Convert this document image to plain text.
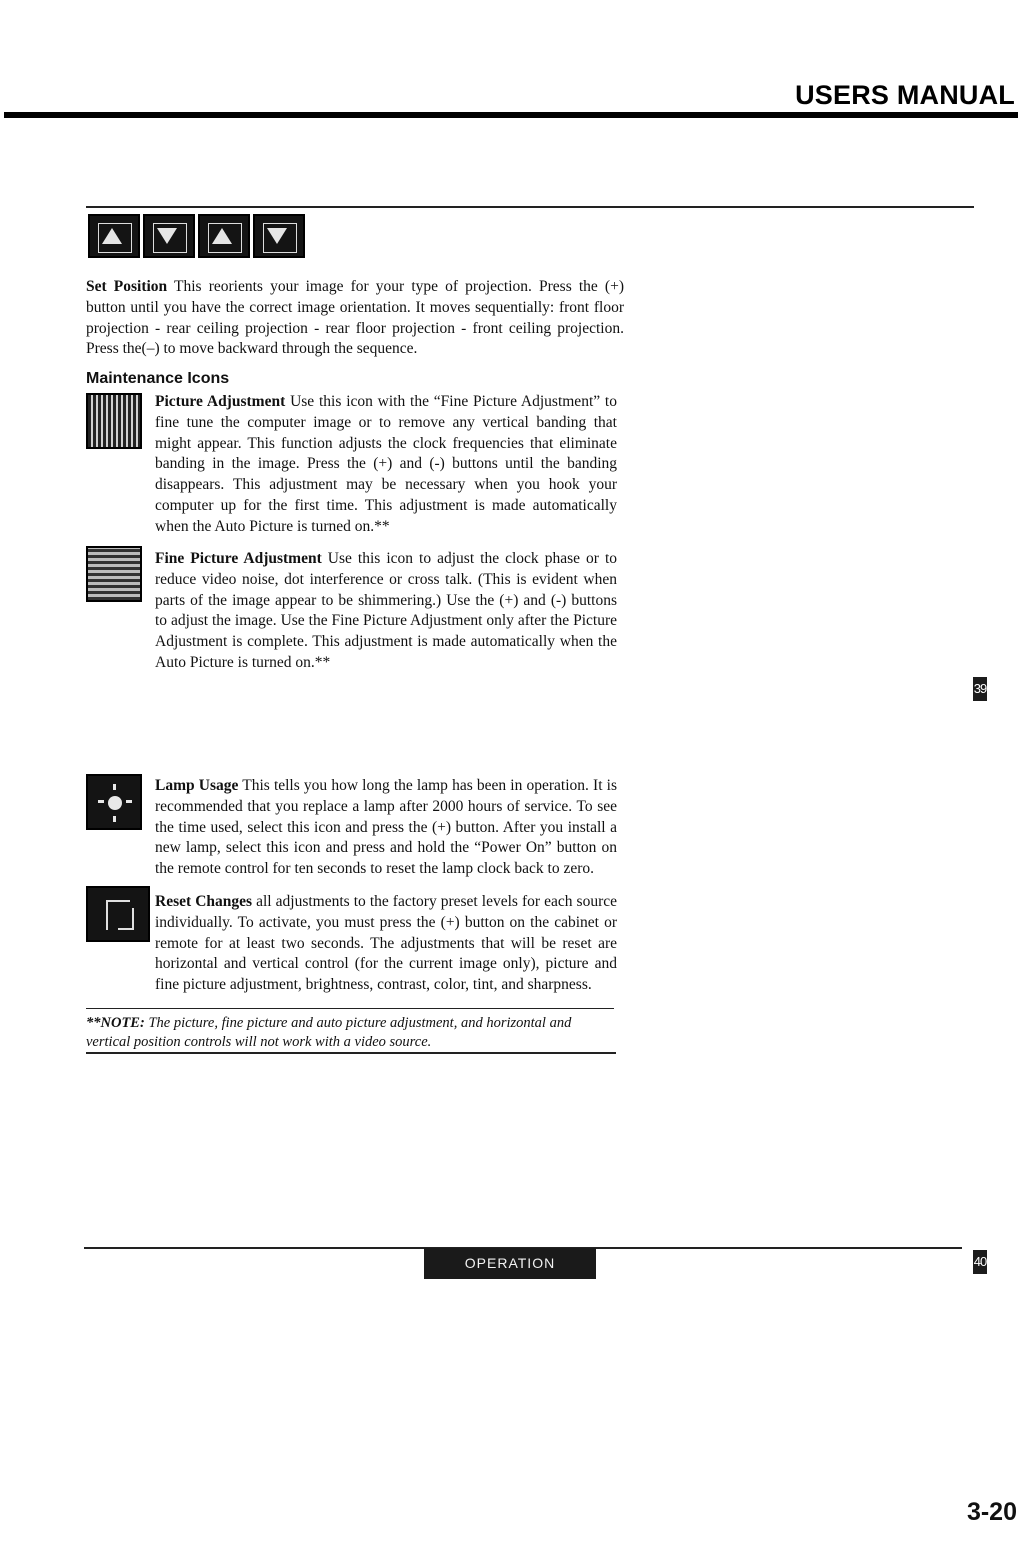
USERS MANUAL
Set Position This reorients your image for your type of projection. Press the (+) button until you have the correct image orientation. It moves sequentially: front floor projection - rear ceiling projection - rear floor projection - front ceiling projection. Press the(–) to move backward through the sequence.
Maintenance Icons
Picture Adjustment Use this icon with the “Fine Picture Adjustment” to fine tune the computer image or to remove any vertical banding that might appear. This function adjusts the clock frequencies that eliminate banding in the image. Press the (+) and (-) buttons until the banding disappears. This adjustment may be necessary when you hook your computer up for the first time. This adjustment is made automatically when the Auto Picture is turned on.**
Fine Picture Adjustment Use this icon to adjust the clock phase or to reduce video noise, dot interference or cross talk. (This is evident when parts of the image appear to be shimmering.) Use the (+) and (-) buttons to adjust the image. Use the Fine Picture Adjustment only after the Picture Adjustment is complete. This adjustment is made automatically when the Auto Picture is turned on.**
Lamp Usage This tells you how long the lamp has been in operation. It is recommended that you replace a lamp after 2000 hours of service. To see the time used, select this icon and press the (+) button. After you install a new lamp, select this icon and press and hold the “Power On” button on the remote control for ten seconds to reset the lamp clock back to zero.
Reset Changes all adjustments to the factory preset levels for each source individually. To activate, you must press the (+) button on the cabinet or remote for at least two seconds. The adjustments that will be reset are horizontal and vertical control (for the current image only), picture and fine picture adjustment, brightness, contrast, color, tint, and sharpness.
**NOTE: The picture, fine picture and auto picture adjustment, and horizontal and vertical position controls will not work with a video source.
39
40
OPERATION
3-20
